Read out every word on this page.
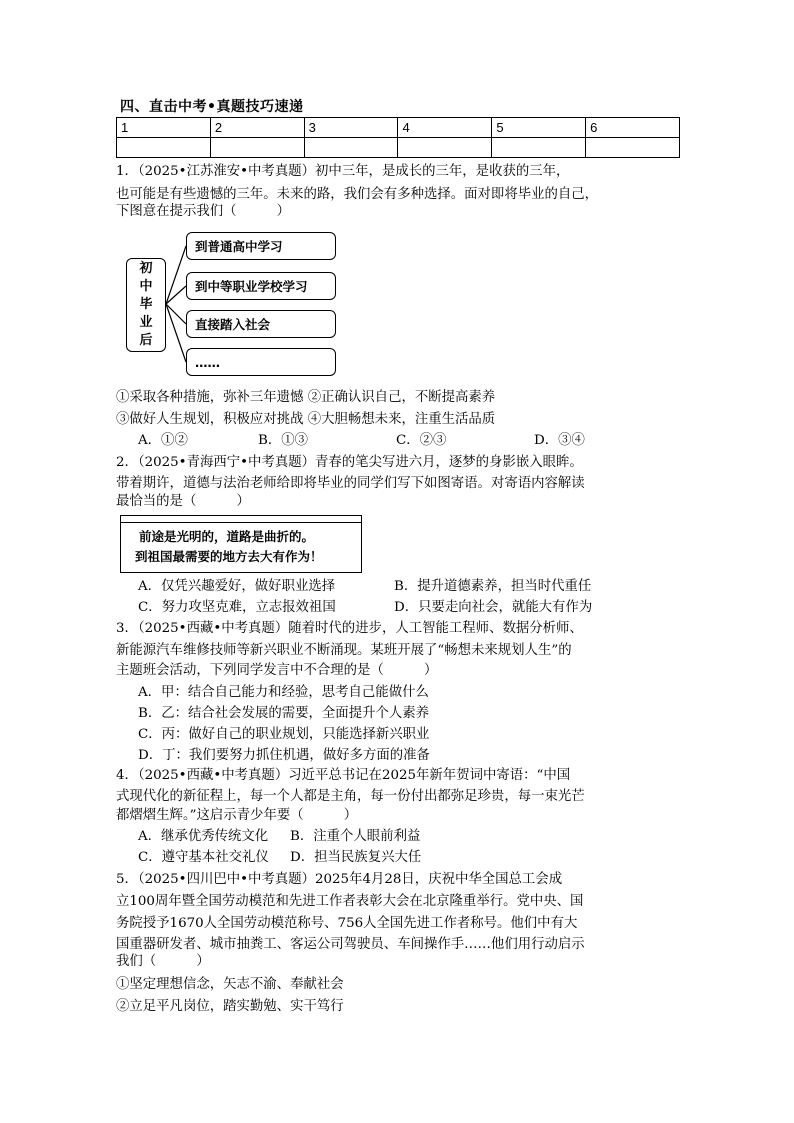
四、直击中考•真题技巧速递
1	2	3	4	5	6

1．（2025•江苏淮安•中考真题）初中三年，是成长的三年，是收获的三年，
也可能是有些遗憾的三年。未来的路，我们会有多种选择。面对即将毕业的自己，
下图意在提示我们（　　　）
初
中
毕
业
后
到普通高中学习
到中等职业学校学习
直接踏入社会
……
①采取各种措施，弥补三年遗憾 ②正确认识自己，不断提高素养
③做好人生规划，积极应对挑战 ④大胆畅想未来，注重生活品质
A．①②	B．①③	C．②③	D．③④
2．（2025•青海西宁•中考真题）青春的笔尖写进六月，逐梦的身影嵌入眼眸。
带着期许，道德与法治老师给即将毕业的同学们写下如图寄语。对寄语内容解读
最恰当的是（　　　）
前途是光明的，道路是曲折的。
到祖国最需要的地方去大有作为！
A．仅凭兴趣爱好，做好职业选择	B．提升道德素养，担当时代重任
C．努力攻坚克难，立志报效祖国	D．只要走向社会，就能大有作为
3．（2025•西藏•中考真题）随着时代的进步，人工智能工程师、数据分析师、
新能源汽车维修技师等新兴职业不断涌现。某班开展了“畅想未来规划人生”的
主题班会活动，下列同学发言中不合理的是（　　　）
A．甲：结合自己能力和经验，思考自己能做什么
B．乙：结合社会发展的需要，全面提升个人素养
C．丙：做好自己的职业规划，只能选择新兴职业
D．丁：我们要努力抓住机遇，做好多方面的准备
4．（2025•西藏•中考真题）习近平总书记在2025年新年贺词中寄语：“中国
式现代化的新征程上，每一个人都是主角，每一份付出都弥足珍贵，每一束光芒
都熠熠生辉。”这启示青少年要（　　　）
A．继承优秀传统文化 B．注重个人眼前利益
C．遵守基本社交礼仪 D．担当民族复兴大任
5．（2025•四川巴中•中考真题）2025年4月28日，庆祝中华全国总工会成
立100周年暨全国劳动模范和先进工作者表彰大会在北京隆重举行。党中央、国
务院授予1670人全国劳动模范称号、756人全国先进工作者称号。他们中有大
国重器研发者、城市抽粪工、客运公司驾驶员、车间操作手……他们用行动启示
我们（　　　）
①坚定理想信念，矢志不渝、奉献社会
②立足平凡岗位，踏实勤勉、实干笃行
